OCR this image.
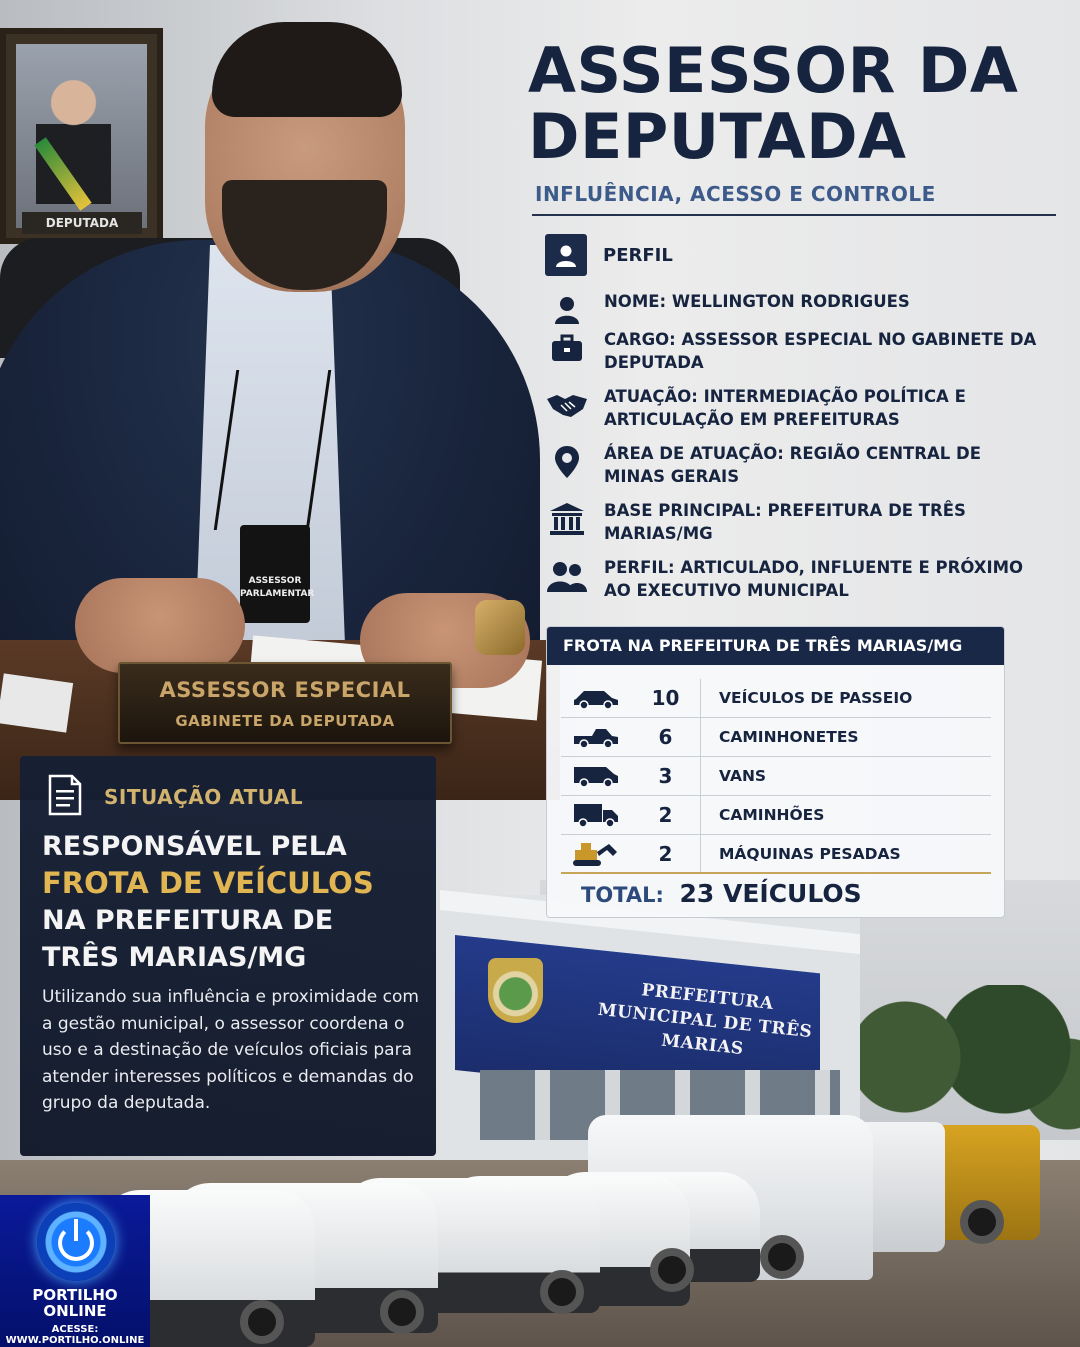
DEPUTADA
ASSESSOR PARLAMENTAR
ASSESSOR ESPECIAL
GABINETE DA DEPUTADA
PREFEITURA MUNICIPAL DE TRÊS MARIAS
ASSESSOR DA DEPUTADA
INFLUÊNCIA, ACESSO E CONTROLE
PERFIL
NOME: WELLINGTON RODRIGUES
CARGO: ASSESSOR ESPECIAL NO GABINETE DA DEPUTADA
ATUAÇÃO: INTERMEDIAÇÃO POLÍTICA E ARTICULAÇÃO EM PREFEITURAS
ÁREA DE ATUAÇÃO: REGIÃO CENTRAL DE MINAS GERAIS
BASE PRINCIPAL: PREFEITURA DE TRÊS MARIAS/MG
PERFIL: ARTICULADO, INFLUENTE E PRÓXIMO AO EXECUTIVO MUNICIPAL
FROTA NA PREFEITURA DE TRÊS MARIAS/MG
10	VEÍCULOS DE PASSEIO
6	CAMINHONETES
3	VANS
2	CAMINHÕES
2	MÁQUINAS PESADAS
TOTAL: 23 VEÍCULOS
SITUAÇÃO ATUAL
RESPONSÁVEL PELA
FROTA DE VEÍCULOS
NA PREFEITURA DE
TRÊS MARIAS/MG
Utilizando sua influência e proximidade com a gestão municipal, o assessor coordena o uso e a destinação de veículos oficiais para atender interesses políticos e demandas do grupo da deputada.
PORTILHO ONLINE
ACESSE: WWW.PORTILHO.ONLINE
